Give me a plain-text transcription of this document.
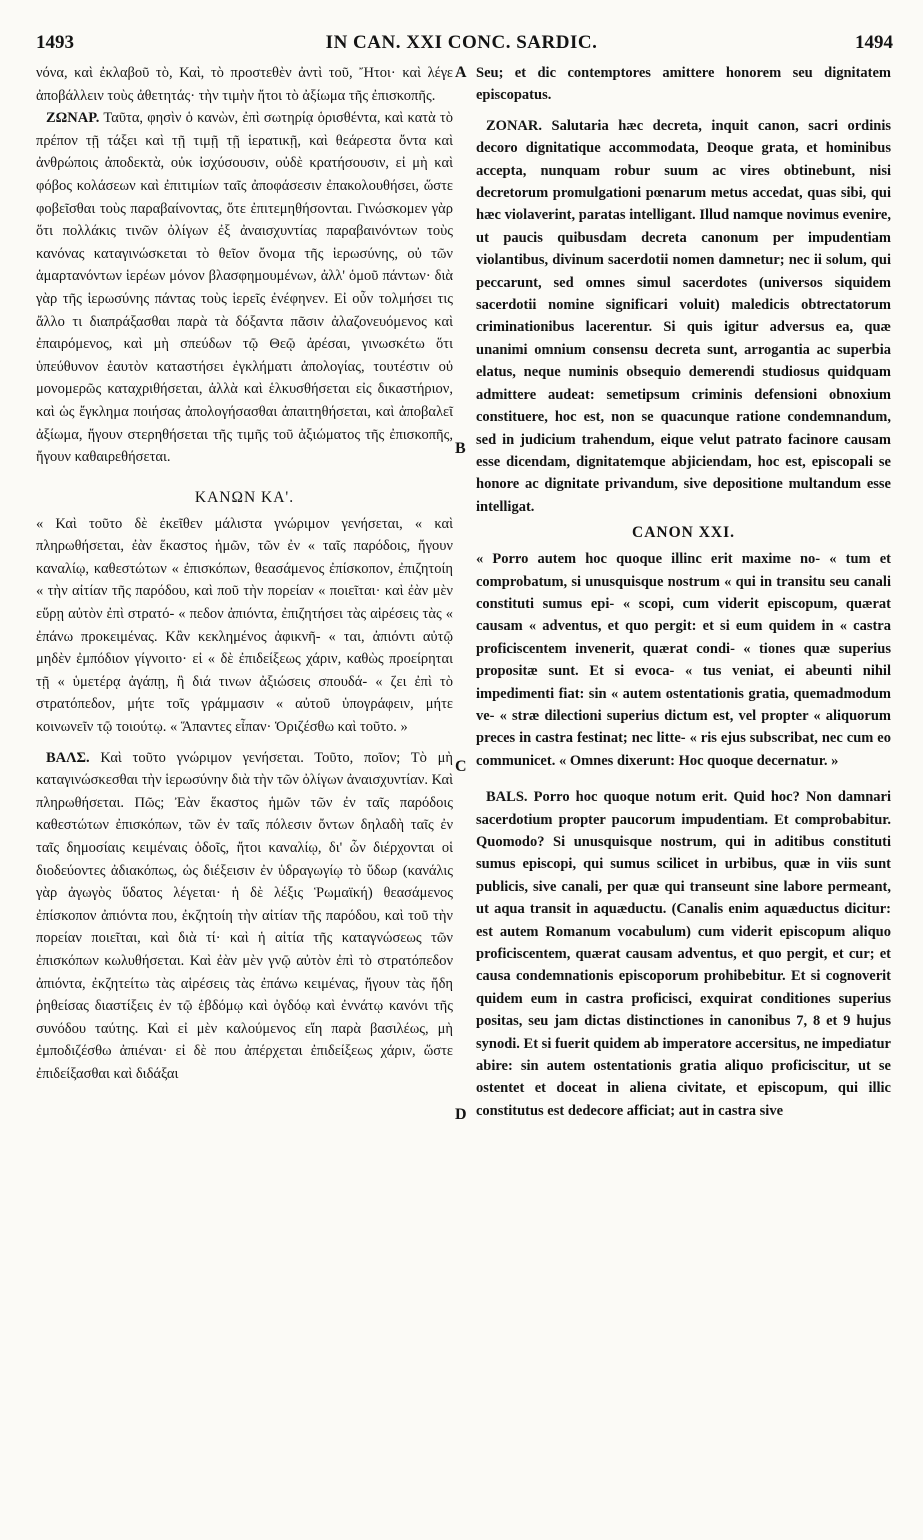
1493	IN CAN. XXI CONC. SARDIC.	1494
A
B
C
D

νόνα, καὶ ἐκλαβοῦ τὸ, Καὶ, τὸ προστεθὲν ἀντὶ τοῦ, Ἤτοι· καὶ λέγε ἀποβάλλειν τοὺς ἀθετητάς· τὴν τιμὴν ἤτοι τὸ ἀξίωμα τῆς ἐπισκοπῆς.

ΖΩΝΑΡ. Ταῦτα, φησὶν ὁ κανὼν, ἐπὶ σωτηρίᾳ ὁρισθέντα, καὶ κατὰ τὸ πρέπον τῇ τάξει καὶ τῇ τιμῇ τῇ ἱερατικῇ, καὶ θεάρεστα ὄντα καὶ ἀνθρώποις ἀποδεκτὰ, οὐκ ἰσχύσουσιν, οὐδὲ κρατήσουσιν, εἰ μὴ καὶ φόβος κολάσεων καὶ ἐπιτιμίων ταῖς ἀποφάσεσιν ἐπακολουθήσει, ὥστε φοβεῖσθαι τοὺς παραβαίνοντας, ὅτε ἐπιτεμηθήσονται. Γινώσκομεν γὰρ ὅτι πολλάκις τινῶν ὀλίγων ἐξ ἀναισχυντίας παραβαινόντων τοὺς κανόνας καταγινώσκεται τὸ θεῖον ὄνομα τῆς ἱερωσύνης, οὐ τῶν ἁμαρτανόντων ἱερέων μόνον βλασφημουμένων, ἀλλ' ὁμοῦ πάντων· διὰ γὰρ τῆς ἱερωσύνης πάντας τοὺς ἱερεῖς ἐνέφηνεν. Εἰ οὖν τολμήσει τις ἄλλο τι διαπράξασθαι παρὰ τὰ δόξαντα πᾶσιν ἀλαζονευόμενος καὶ ἐπαιρόμενος, καὶ μὴ σπεύδων τῷ Θεῷ ἀρέσαι, γινωσκέτω ὅτι ὑπεύθυνον ἑαυτὸν καταστήσει ἐγκλήματι ἀπολογίας, τουτέστιν οὐ μονομερῶς καταχριθήσεται, ἀλλὰ καὶ ἑλκυσθήσεται εἰς δικαστήριον, καὶ ὡς ἔγκλημα ποιήσας ἀπολογήσασθαι ἀπαιτηθήσεται, καὶ ἀποβαλεῖ ἀξίωμα, ἤγουν στερηθήσεται τῆς τιμῆς τοῦ ἀξιώματος τῆς ἐπισκοπῆς, ἤγουν καθαιρεθήσεται.

ΚΑΝΩΝ ΚΑ'.

« Καὶ τοῦτο δὲ ἐκεῖθεν μάλιστα γνώριμον γενήσεται, « καὶ πληρωθήσεται, ἐὰν ἕκαστος ἡμῶν, τῶν ἐν « ταῖς παρόδοις, ἤγουν καναλίῳ, καθεστώτων « ἐπισκόπων, θεασάμενος ἐπίσκοπον, ἐπιζητοίη « τὴν αἰτίαν τῆς παρόδου, καὶ ποῦ τὴν πορείαν « ποιεῖται· καὶ ἐὰν μὲν εὕρῃ αὐτὸν ἐπὶ στρατό- « πεδον ἀπιόντα, ἐπιζητήσει τὰς αἱρέσεις τὰς « ἐπάνω προκειμένας. Κἂν κεκλημένος ἀφικνῆ- « ται, ἀπιόντι αὐτῷ μηδὲν ἐμπόδιον γίγνοιτο· εἰ « δὲ ἐπιδείξεως χάριν, καθὼς προείρηται τῇ « ὑμετέρᾳ ἀγάπῃ, ἢ διά τινων ἀξιώσεις σπουδά- « ζει ἐπὶ τὸ στρατόπεδον, μήτε τοῖς γράμμασιν « αὐτοῦ ὑπογράφειν, μήτε κοινωνεῖν τῷ τοιούτῳ. « Ἅπαντες εἶπαν· Ὁριζέσθω καὶ τοῦτο. »

ΒΑΛΣ. Καὶ τοῦτο γνώριμον γενήσεται. Τοῦτο, ποῖον; Τὸ μὴ καταγινώσκεσθαι τὴν ἱερωσύνην διὰ τὴν τῶν ὀλίγων ἀναισχυντίαν. Καὶ πληρωθήσεται. Πῶς; Ἐὰν ἕκαστος ἡμῶν τῶν ἐν ταῖς παρόδοις καθεστώτων ἐπισκόπων, τῶν ἐν ταῖς πόλεσιν ὄντων δηλαδὴ ταῖς ἐν ταῖς δημοσίαις κειμέναις ὁδοῖς, ἤτοι καναλίῳ, δι' ὧν διέρχονται οἱ διοδεύοντες ἀδιακόπως, ὡς διέξεισιν ἐν ὑδραγωγίῳ τὸ ὕδωρ (κανάλις γὰρ ἀγωγὸς ὕδατος λέγεται· ἡ δὲ λέξις Ῥωμαϊκή) θεασάμενος ἐπίσκοπον ἀπιόντα που, ἐκζητοίη τὴν αἰτίαν τῆς παρόδου, καὶ τοῦ τὴν πορείαν ποιεῖται, καὶ διὰ τί· καὶ ἡ αἰτία τῆς καταγνώσεως τῶν ἐπισκόπων κωλυθήσεται. Καὶ ἐὰν μὲν γνῷ αὐτὸν ἐπὶ τὸ στρατόπεδον ἀπιόντα, ἐκζητείτω τὰς αἱρέσεις τὰς ἐπάνω κειμένας, ἤγουν τὰς ἤδη ῥηθείσας διαστίξεις ἐν τῷ ἑβδόμῳ καὶ ὀγδόῳ καὶ ἐννάτῳ κανόνι τῆς συνόδου ταύτης. Καὶ εἰ μὲν καλούμενος εἴη παρὰ βασιλέως, μὴ ἐμποδιζέσθω ἀπιέναι· εἰ δὲ που ἀπέρχεται ἐπιδείξεως χάριν, ὥστε ἐπιδείξασθαι καὶ διδάξαι

Seu; et dic contemptores amittere honorem seu dignitatem episcopatus.

ZONAR. Salutaria hæc decreta, inquit canon, sacri ordinis decoro dignitatique accommodata, Deoque grata, et hominibus accepta, nunquam robur suum ac vires obtinebunt, nisi decretorum promulgationi pœnarum metus accedat, quas sibi, qui hæc violaverint, paratas intelligant. Illud namque novimus evenire, ut paucis quibusdam decreta canonum per impudentiam violantibus, divinum sacerdotii nomen damnetur; nec ii solum, qui peccarunt, sed omnes simul sacerdotes (universos siquidem sacerdotii nomine significari voluit) maledicis obtrectatorum criminationibus lacerentur. Si quis igitur adversus ea, quæ unanimi omnium consensu decreta sunt, arrogantia ac superbia elatus, neque numinis obsequio demerendi studiosus quidquam admittere audeat: semetipsum criminis defensioni obnoxium constituere, hoc est, non se quacunque ratione condemnandum, sed in judicium trahendum, eique velut patrato facinore causam esse dicendam, dignitatemque abjiciendam, hoc est, episcopali se honore ac dignitate privandum, sive depositione multandum esse intelligat.

CANON XXI.

« Porro autem hoc quoque illinc erit maxime no- « tum et comprobatum, si unusquisque nostrum « qui in transitu seu canali constituti sumus epi- « scopi, cum viderit episcopum, quærat causam « adventus, et quo pergit: et si eum quidem in « castra proficiscentem invenerit, quærat condi- « tiones quæ superius propositæ sunt. Et si evoca- « tus veniat, ei abeunti nihil impedimenti fiat: sin « autem ostentationis gratia, quemadmodum ve- « stræ dilectioni superius dictum est, vel propter « aliquorum preces in castra festinat; nec litte- « ris ejus subscribat, nec cum eo communicet. « Omnes dixerunt: Hoc quoque decernatur. »

BALS. Porro hoc quoque notum erit. Quid hoc? Non damnari sacerdotium propter paucorum impudentiam. Et comprobabitur. Quomodo? Si unusquisque nostrum, qui in aditibus constituti sumus episcopi, qui sumus scilicet in urbibus, quæ in viis sunt publicis, sive canali, per quæ qui transeunt sine labore permeant, ut aqua transit in aquæductu. (Canalis enim aquæductus dicitur: est autem Romanum vocabulum) cum viderit episcopum aliquo proficiscentem, quærat causam adventus, et quo pergit, et cur; et causa condemnationis episcoporum prohibebitur. Et si cognoverit quidem eum in castra proficisci, exquirat conditiones superius positas, seu jam dictas distinctiones in canonibus 7, 8 et 9 hujus synodi. Et si fuerit quidem ab imperatore accersitus, ne impediatur abire: sin autem ostentationis gratia aliquo proficiscitur, ut se ostentet et doceat in aliena civitate, et episcopum, qui illic constitutus est dedecore afficiat; aut in castra sive
